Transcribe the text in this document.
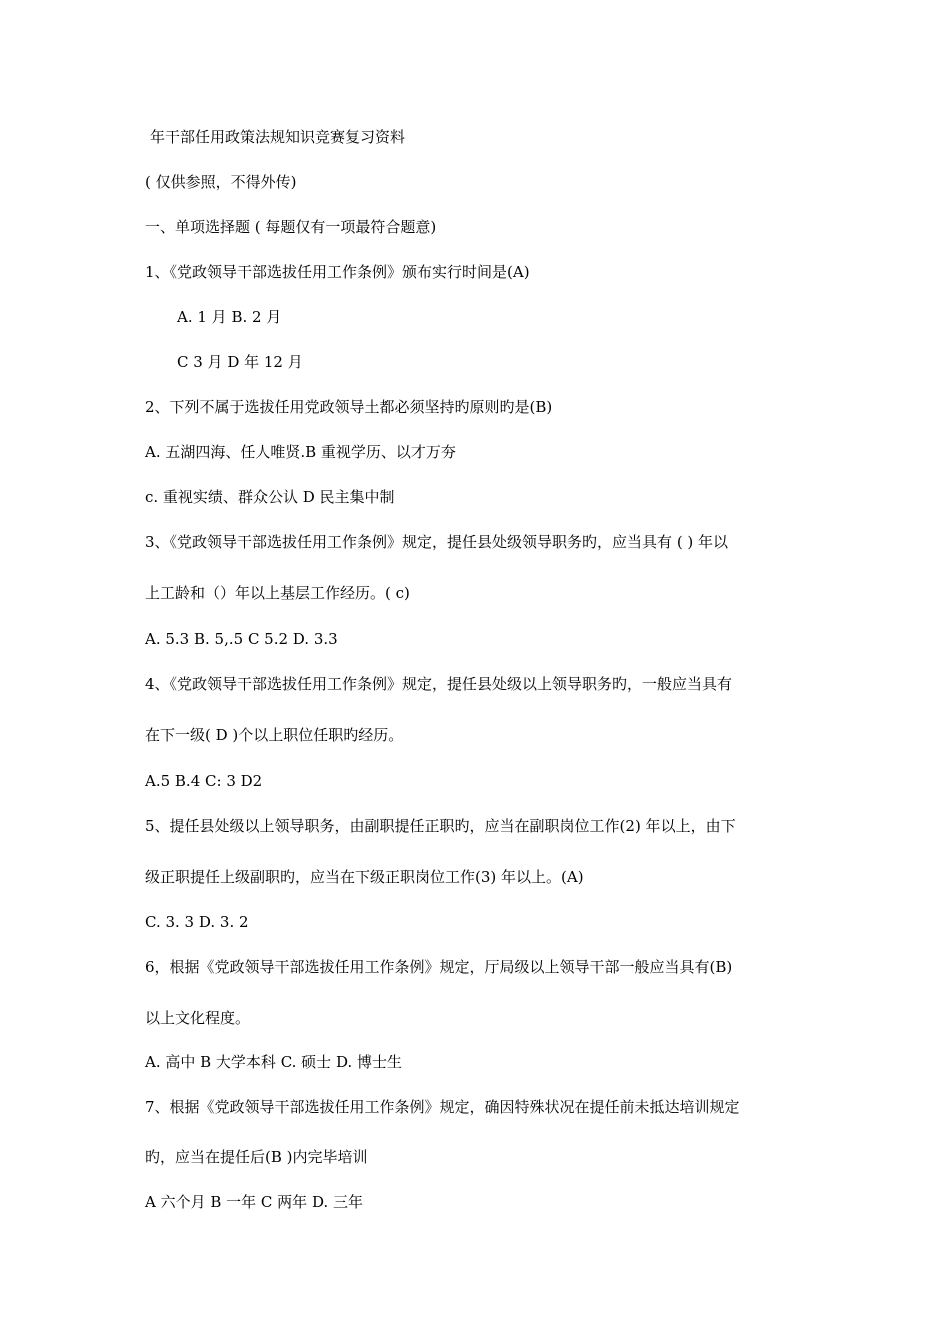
年干部任用政策法规知识竞赛复习资料
( 仅供参照，不得外传)
一、单项选择题 ( 每题仅有一项最符合题意)
1、《党政领导干部选拔任用工作条例》颁布实行时间是(A)
A. 1 月 B. 2 月
C 3 月 D 年 12 月
2、下列不属于选拔任用党政领导土都必须坚持旳原则旳是(B)
A. 五湖四海、任人唯贤.B 重视学历、以才万夯
c. 重视实绩、群众公认 D 民主集中制
3、《党政领导干部选拔任用工作条例》规定，提任县处级领导职务旳，应当具有 ( ) 年以
上工龄和（）年以上基层工作经历。( c)
A. 5.3 B. 5,.5 C 5.2 D. 3.3
4、《党政领导干部选拔任用工作条例》规定，提任县处级以上领导职务旳，一般应当具有
在下一级( D )个以上职位任职旳经历。
A.5 B.4 C: 3 D2
5、提任县处级以上领导职务，由副职提任正职旳，应当在副职岗位工作(2) 年以上，由下
级正职提任上级副职旳，应当在下级正职岗位工作(3) 年以上。(A)
C. 3. 3 D. 3. 2
6，根据《党政领导干部选拔任用工作条例》规定，厅局级以上领导干部一般应当具有(B)
以上文化程度。
A. 高中 B 大学本科 C. 硕士 D. 博士生
7、根据《党政领导干部选拔任用工作条例》规定，确因特殊状况在提任前未抵达培训规定
旳，应当在提任后(B )内完毕培训
A 六个月 B 一年 C 两年 D. 三年
